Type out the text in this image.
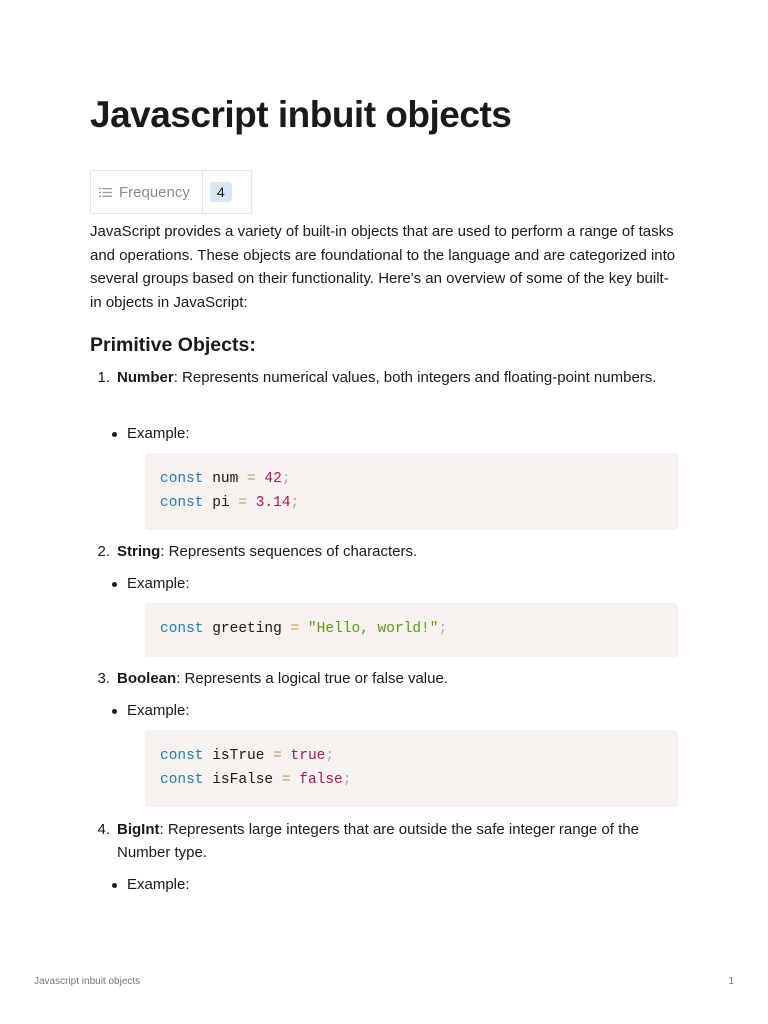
Javascript inbuit objects
Frequency	4

JavaScript provides a variety of built-in objects that are used to perform a range of tasks and operations. These objects are foundational to the language and are categorized into several groups based on their functionality. Here's an overview of some of the key built-in objects in JavaScript:

Primitive Objects:
1. Number: Represents numerical values, both integers and floating-point numbers.
Example:
const num = 42;
const pi = 3.14;
2. String: Represents sequences of characters.
Example:
const greeting = "Hello, world!";
3. Boolean: Represents a logical true or false value.
Example:
const isTrue = true;
const isFalse = false;
4. BigInt: Represents large integers that are outside the safe integer range of the Number type.
Example:
Javascript inbuit objects	1
